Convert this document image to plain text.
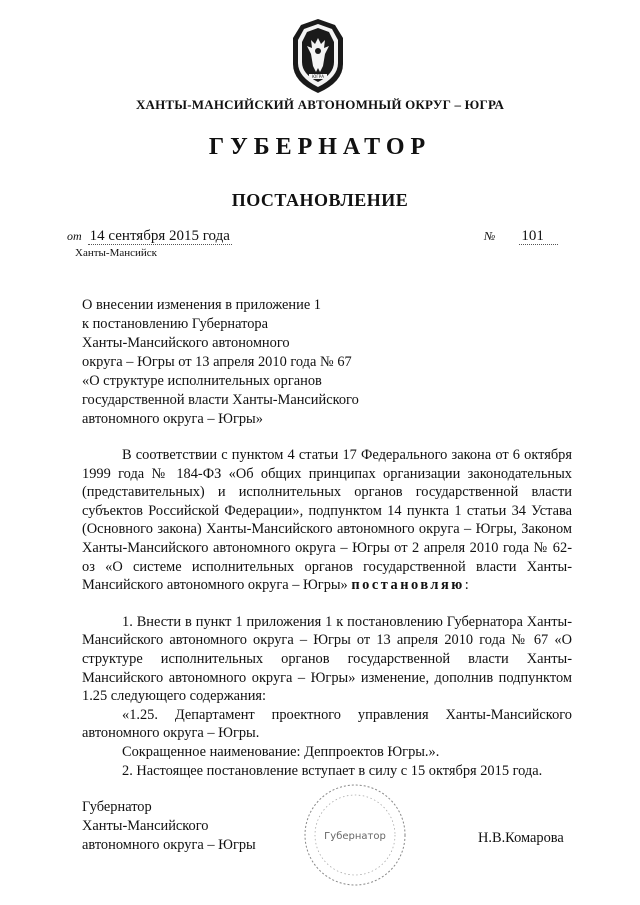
ЮГРА
ХАНТЫ-МАНСИЙСКИЙ АВТОНОМНЫЙ ОКРУГ – ЮГРА
ГУБЕРНАТОР
ПОСТАНОВЛЕНИЕ
от 14 сентября 2015 года	№ 101
Ханты-Мансийск
О внесении изменения в приложение 1
к постановлению Губернатора
Ханты-Мансийского автономного
округа – Югры от 13 апреля 2010 года № 67
«О структуре исполнительных органов
государственной власти Ханты-Мансийского
автономного округа – Югры»

В соответствии с пунктом 4 статьи 17 Федерального закона от 6 октября 1999 года № 184-ФЗ «Об общих принципах организации законодательных (представительных) и исполнительных органов государственной власти субъектов Российской Федерации», подпунктом 14 пункта 1 статьи 34 Устава (Основного закона) Ханты-Мансийского автономного округа – Югры, Законом Ханты-Мансийского автономного округа – Югры от 2 апреля 2010 года № 62-оз «О системе исполнительных органов государственной власти Ханты-Мансийского автономного округа – Югры» постановляю:

1. Внести в пункт 1 приложения 1 к постановлению Губернатора Ханты-Мансийского автономного округа – Югры от 13 апреля 2010 года № 67 «О структуре исполнительных органов государственной власти Ханты-Мансийского автономного округа – Югры» изменение, дополнив подпунктом 1.25 следующего содержания:

«1.25. Департамент проектного управления Ханты-Мансийского автономного округа – Югры.

Сокращенное наименование: Деппроектов Югры.».

2. Настоящее постановление вступает в силу с 15 октября 2015 года.

Губернатор
Губернатор
Ханты-Мансийского
автономного округа – Югры	Н.В.Комарова
